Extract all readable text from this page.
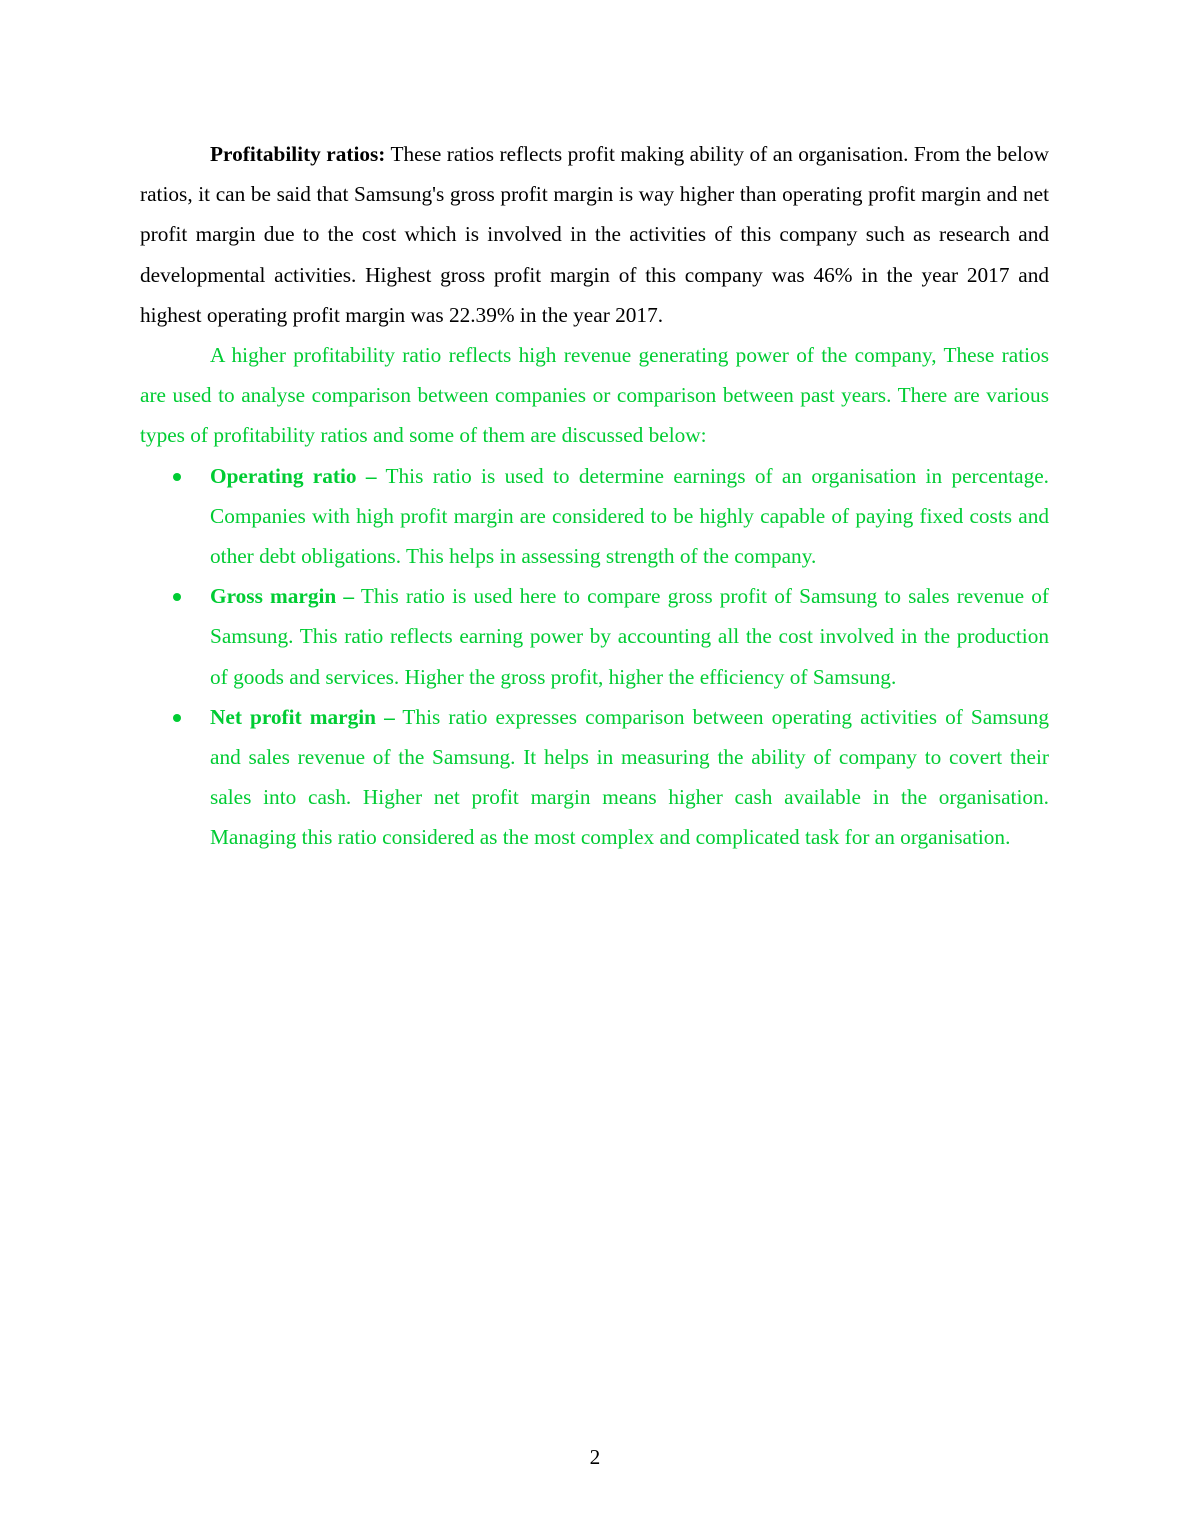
Profitability ratios: These ratios reflects profit making ability of an organisation. From the below ratios, it can be said that Samsung's gross profit margin is way higher than operating profit margin and net profit margin due to the cost which is involved in the activities of this company such as research and developmental activities. Highest gross profit margin of this company was 46% in the year 2017 and highest operating profit margin was 22.39% in the year 2017.

A higher profitability ratio reflects high revenue generating power of the company, These ratios are used to analyse comparison between companies or comparison between past years. There are various types of profitability ratios and some of them are discussed below:

Operating ratio – This ratio is used to determine earnings of an organisation in percentage. Companies with high profit margin are considered to be highly capable of paying fixed costs and other debt obligations. This helps in assessing strength of the company.
Gross margin – This ratio is used here to compare gross profit of Samsung to sales revenue of Samsung. This ratio reflects earning power by accounting all the cost involved in the production of goods and services. Higher the gross profit, higher the efficiency of Samsung.
Net profit margin – This ratio expresses comparison between operating activities of Samsung and sales revenue of the Samsung. It helps in measuring the ability of company to covert their sales into cash. Higher net profit margin means higher cash available in the organisation. Managing this ratio considered as the most complex and complicated task for an organisation.
2
